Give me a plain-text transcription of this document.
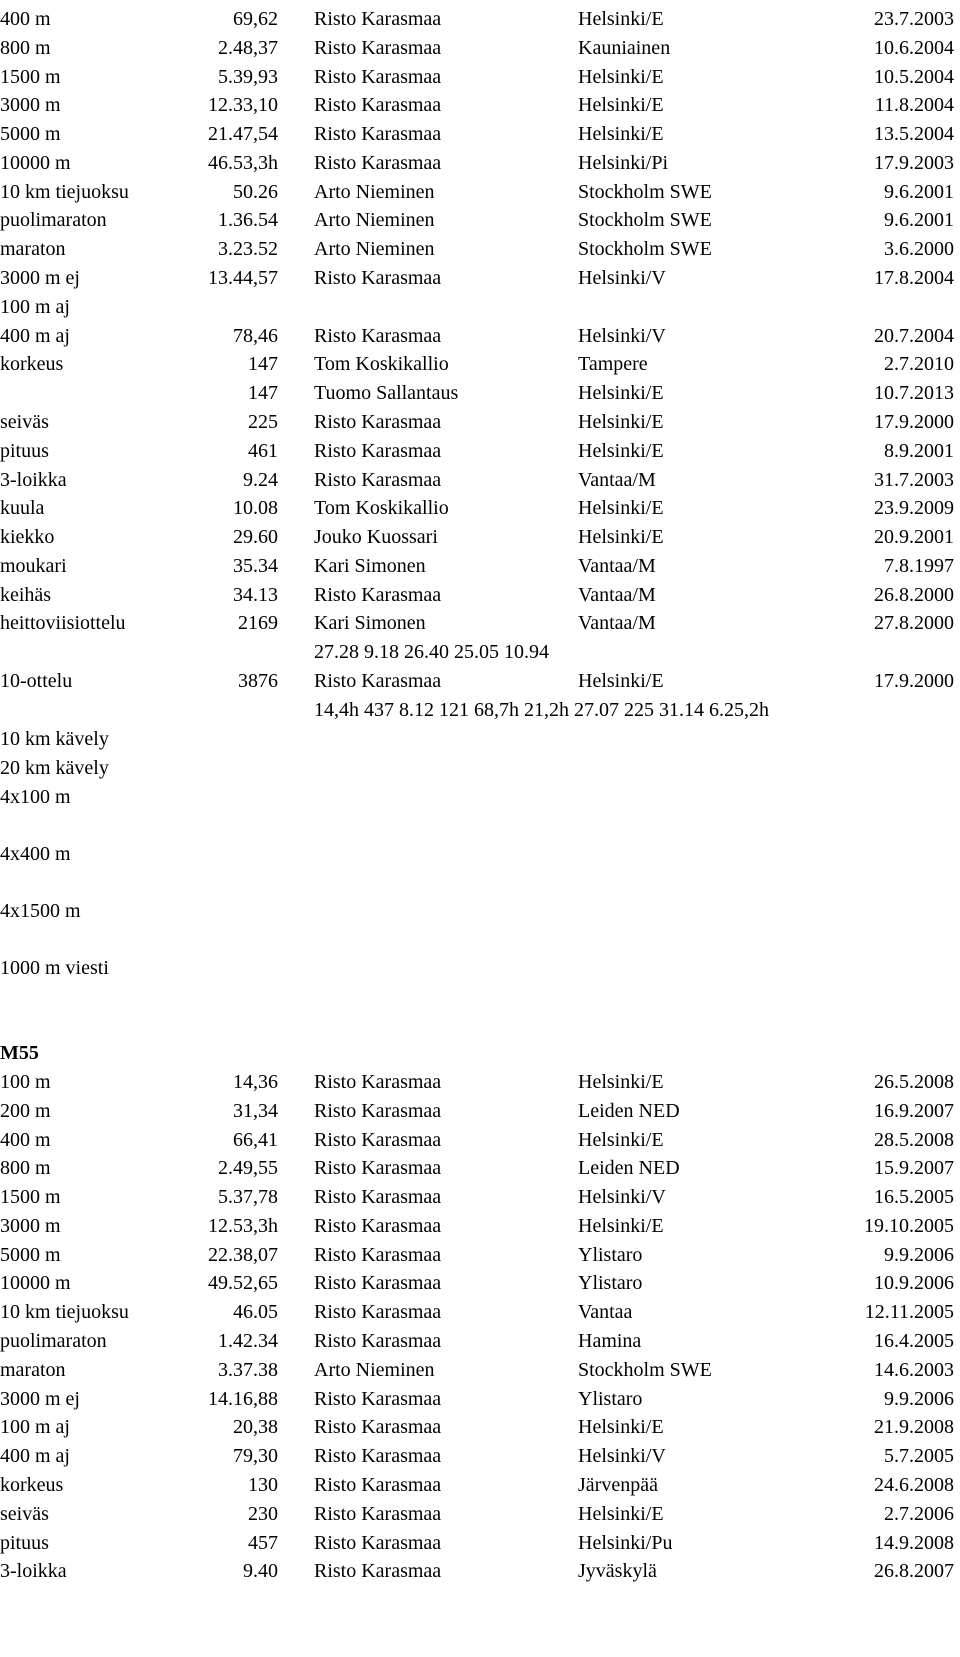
400 m	69,62 Risto Karasmaa	Helsinki/E	23.7.2003
800 m	2.48,37 Risto Karasmaa	Kauniainen	10.6.2004
1500 m	5.39,93 Risto Karasmaa	Helsinki/E	10.5.2004
3000 m	12.33,10 Risto Karasmaa	Helsinki/E	11.8.2004
5000 m	21.47,54 Risto Karasmaa	Helsinki/E	13.5.2004
10000 m	46.53,3h Risto Karasmaa	Helsinki/Pi	17.9.2003
10 km tiejuoksu	50.26 Arto Nieminen	Stockholm SWE	9.6.2001
puolimaraton	1.36.54 Arto Nieminen	Stockholm SWE	9.6.2001
maraton	3.23.52 Arto Nieminen	Stockholm SWE	3.6.2000
3000 m ej	13.44,57 Risto Karasmaa	Helsinki/V	17.8.2004
100 m aj
400 m aj	78,46 Risto Karasmaa	Helsinki/V	20.7.2004
korkeus	147 Tom Koskikallio	Tampere	2.7.2010
147 Tuomo Sallantaus	Helsinki/E	10.7.2013
seiväs	225 Risto Karasmaa	Helsinki/E	17.9.2000
pituus	461 Risto Karasmaa	Helsinki/E	8.9.2001
3-loikka	9.24 Risto Karasmaa	Vantaa/M	31.7.2003
kuula	10.08 Tom Koskikallio	Helsinki/E	23.9.2009
kiekko	29.60 Jouko Kuossari	Helsinki/E	20.9.2001
moukari	35.34 Kari Simonen	Vantaa/M	7.8.1997
keihäs	34.13 Risto Karasmaa	Vantaa/M	26.8.2000
heittoviisiottelu	2169 Kari Simonen	Vantaa/M	27.8.2000
27.28 9.18 26.40 25.05 10.94
10-ottelu	3876 Risto Karasmaa	Helsinki/E	17.9.2000
14,4h 437 8.12 121 68,7h 21,2h 27.07 225 31.14 6.25,2h
10 km kävely
20 km kävely
4x100 m
4x400 m
4x1500 m
1000 m viesti
M55
100 m	14,36 Risto Karasmaa	Helsinki/E	26.5.2008
200 m	31,34 Risto Karasmaa	Leiden NED	16.9.2007
400 m	66,41 Risto Karasmaa	Helsinki/E	28.5.2008
800 m	2.49,55 Risto Karasmaa	Leiden NED	15.9.2007
1500 m	5.37,78 Risto Karasmaa	Helsinki/V	16.5.2005
3000 m	12.53,3h Risto Karasmaa	Helsinki/E	19.10.2005
5000 m	22.38,07 Risto Karasmaa	Ylistaro	9.9.2006
10000 m	49.52,65 Risto Karasmaa	Ylistaro	10.9.2006
10 km tiejuoksu	46.05 Risto Karasmaa	Vantaa	12.11.2005
puolimaraton	1.42.34 Risto Karasmaa	Hamina	16.4.2005
maraton	3.37.38 Arto Nieminen	Stockholm SWE	14.6.2003
3000 m ej	14.16,88 Risto Karasmaa	Ylistaro	9.9.2006
100 m aj	20,38 Risto Karasmaa	Helsinki/E	21.9.2008
400 m aj	79,30 Risto Karasmaa	Helsinki/V	5.7.2005
korkeus	130 Risto Karasmaa	Järvenpää	24.6.2008
seiväs	230 Risto Karasmaa	Helsinki/E	2.7.2006
pituus	457 Risto Karasmaa	Helsinki/Pu	14.9.2008
3-loikka	9.40 Risto Karasmaa	Jyväskylä	26.8.2007
